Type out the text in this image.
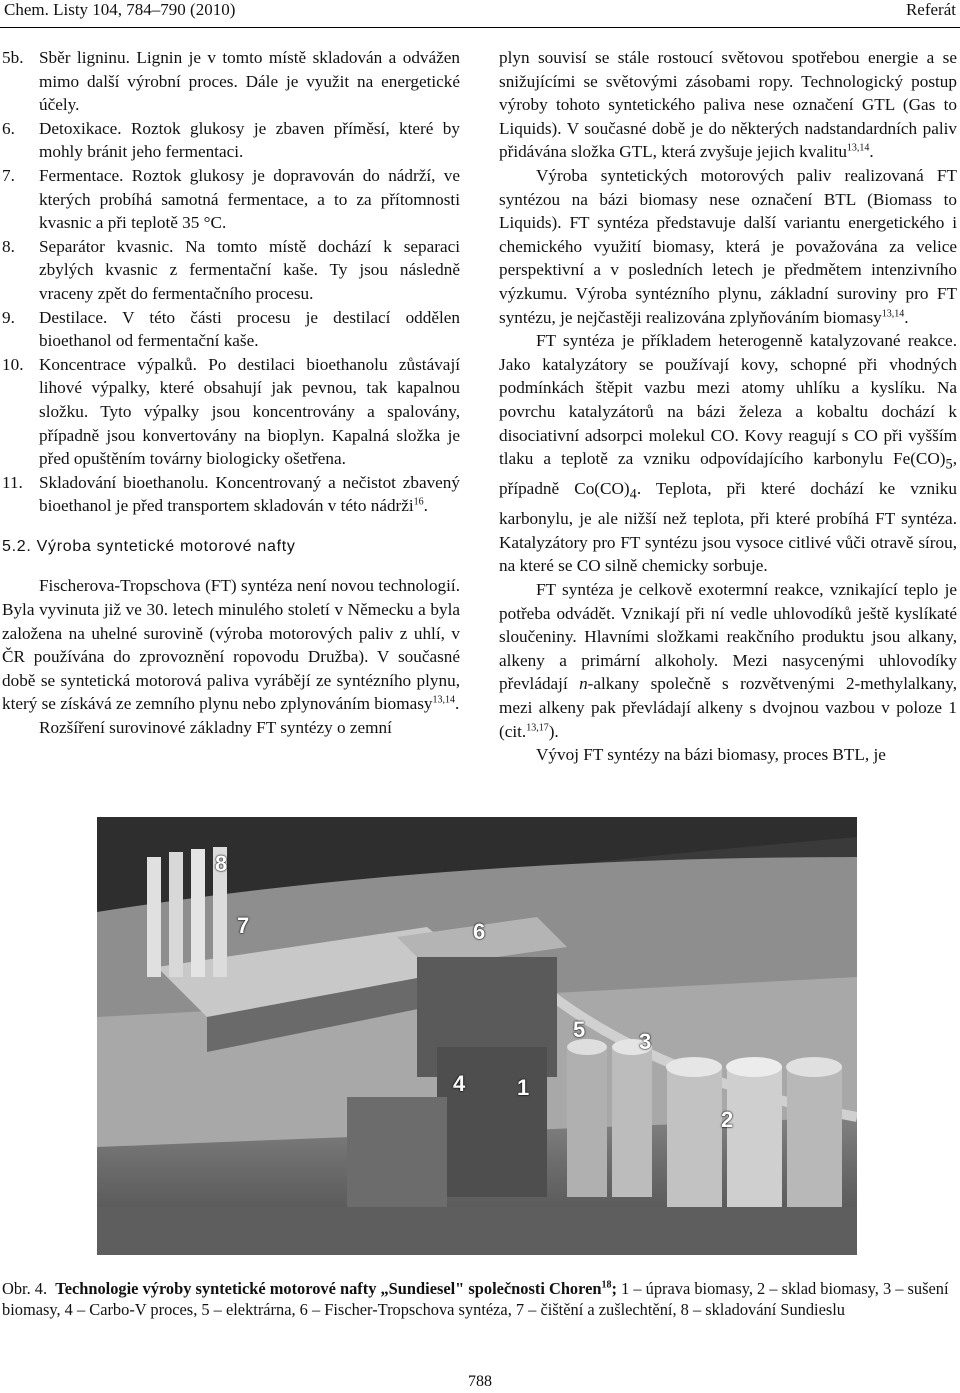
Chem. Listy 104, 784–790 (2010)	Referát
5b. Sběr ligninu. Lignin je v tomto místě skladován a odvážen mimo další výrobní proces. Dále je využit na energetické účely.
6.	Detoxikace. Roztok glukosy je zbaven příměsí, které by mohly bránit jeho fermentaci.
7.	Fermentace. Roztok glukosy je dopravován do nádrží, ve kterých probíhá samotná fermentace, a to za přítomnosti kvasnic a při teplotě 35 °C.
8.	Separátor kvasnic. Na tomto místě dochází k separaci zbylých kvasnic z fermentační kaše. Ty jsou následně vraceny zpět do fermentačního procesu.
9.	Destilace. V této části procesu je destilací oddělen bioethanol od fermentační kaše.
10. Koncentrace výpalků. Po destilaci bioethanolu zůstávají lihové výpalky, které obsahují jak pevnou, tak kapalnou složku. Tyto výpalky jsou koncentrovány a spalovány, případně jsou konvertovány na bioplyn. Kapalná složka je před opuštěním továrny biologicky ošetřena.
11. Skladování bioethanolu. Koncentrovaný a nečistot zbavený bioethanol je před transportem skladován v této nádrži$^{16}$.
5.2. Výroba syntetické motorové nafty
Fischerova-Tropschova (FT) syntéza není novou technologií. Byla vyvinuta již ve 30. letech minulého století v Německu a byla založena na uhelné surovině (výroba motorových paliv z uhlí, v ČR používána do zprovoznění ropovodu Družba). V současné době se syntetická motorová paliva vyrábějí ze syntézního plynu, který se získává ze zemního plynu nebo zplynováním biomasy$^{13,14}$.
Rozšíření surovinové základny FT syntézy o zemní
plyn souvisí se stále rostoucí světovou spotřebou energie a se snižujícími se světovými zásobami ropy. Technologický postup výroby tohoto syntetického paliva nese označení GTL (Gas to Liquids). V současné době je do některých nadstandardních paliv přidávána složka GTL, která zvyšuje jejich kvalitu$^{13,14}$.
Výroba syntetických motorových paliv realizovaná FT syntézou na bázi biomasy nese označení BTL (Biomass to Liquids). FT syntéza představuje další variantu energetického i chemického využití biomasy, která je považována za velice perspektivní a v posledních letech je předmětem intenzivního výzkumu. Výroba syntézního plynu, základní suroviny pro FT syntézu, je nejčastěji realizována zplyňováním biomasy$^{13,14}$.
FT syntéza je příkladem heterogenně katalyzované reakce. Jako katalyzátory se používají kovy, schopné při vhodných podmínkách štěpit vazbu mezi atomy uhlíku a kyslíku. Na povrchu katalyzátorů na bázi železa a kobaltu dochází k disociativní adsorpci molekul CO. Kovy reagují s CO při vyšším tlaku a teplotě za vzniku odpovídajícího karbonylu $Fe(CO)_5$, případně $Co(CO)_4$. Teplota, při které dochází ke vzniku karbonylu, je ale nižší než teplota, při které probíhá FT syntéza. Katalyzátory pro FT syntézu jsou vysoce citlivé vůči otravě sírou, na které se CO silně chemicky sorbuje.
FT syntéza je celkově exotermní reakce, vznikající teplo je potřeba odvádět. Vznikají při ní vedle uhlovodíků ještě kyslíkaté sloučeniny. Hlavními složkami reakčního produktu jsou alkany, alkeny a primární alkoholy. Mezi nasycenými uhlovodíky převládají n-alkany společně s rozvětvenými 2-methylalkany, mezi alkeny pak převládají alkeny s dvojnou vazbou v poloze 1 (cit.$^{13,17}$).
Vývoj FT syntézy na bázi biomasy, proces BTL, je
8
7	6
5 3
4 1
2
Obr. 4. Technologie výroby syntetické motorové nafty „Sundiesel" společnosti Choren$^{18}$; 1 – úprava biomasy, 2 – sklad biomasy, 3 – sušení biomasy, 4 – Carbo-V proces, 5 – elektrárna, 6 – Fischer-Tropschova syntéza, 7 – čištění a zušlechtění, 8 – skladování Sundieslu
788
